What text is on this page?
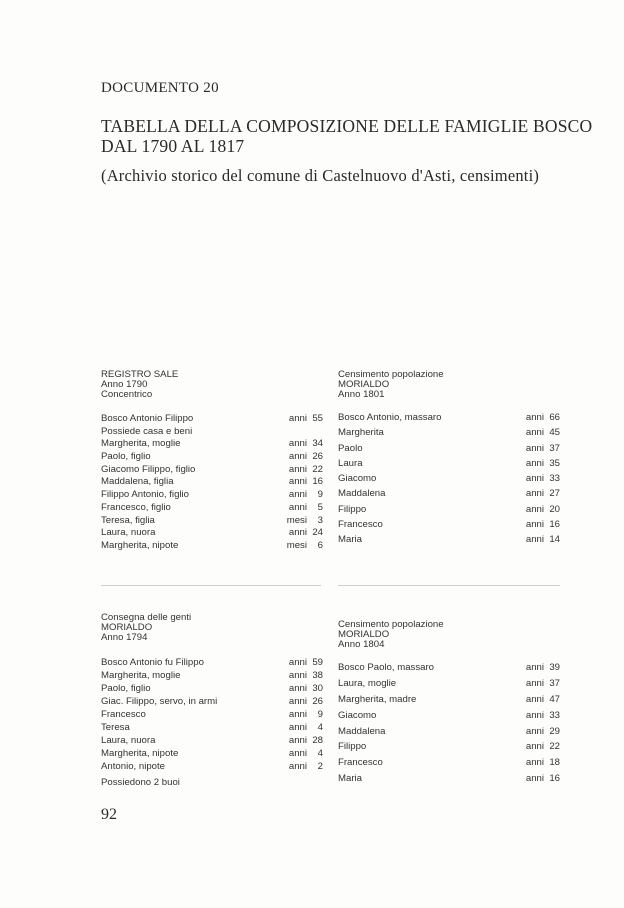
DOCUMENTO 20
TABELLA DELLA COMPOSIZIONE DELLE FAMIGLIE BOSCO
DAL 1790 AL 1817
(Archivio storico del comune di Castelnuovo d'Asti, censimenti)
REGISTRO SALE
Anno 1790
Concentrico
Bosco Antonio Filippo	anni 55
Possiede casa e beni
Margherita, moglie	anni 34
Paolo, figlio	anni 26
Giacomo Filippo, figlio	anni 22
Maddalena, figlia	anni 16
Filippo Antonio, figlio	anni	9
Francesco, figlio	anni	5
Teresa, figlia	mesi	3
Laura, nuora	anni 24
Margherita, nipote	mesi	6
Censimento popolazione
MORIALDO
Anno 1801
Bosco Antonio, massaro	anni 66
Margherita	anni 45
Paolo	anni 37
Laura	anni 35
Giacomo	anni 33
Maddalena	anni 27
Filippo	anni 20
Francesco	anni 16
Maria	anni 14
Consegna delle genti
MORIALDO
Anno 1794
Bosco Antonio fu Filippo	anni 59
Margherita, moglie	anni 38
Paolo, figlio	anni 30
Giac. Filippo, servo, in armi	anni 26
Francesco	anni	9
Teresa	anni	4
Laura, nuora	anni 28
Margherita, nipote	anni	4
Antonio, nipote	anni	2
Possiedono 2 buoi
Censimento popolazione
MORIALDO
Anno 1804
Bosco Paolo, massaro	anni 39
Laura, moglie	anni 37
Margherita, madre	anni 47
Giacomo	anni 33
Maddalena	anni 29
Filippo	anni 22
Francesco	anni 18
Maria	anni 16
92
